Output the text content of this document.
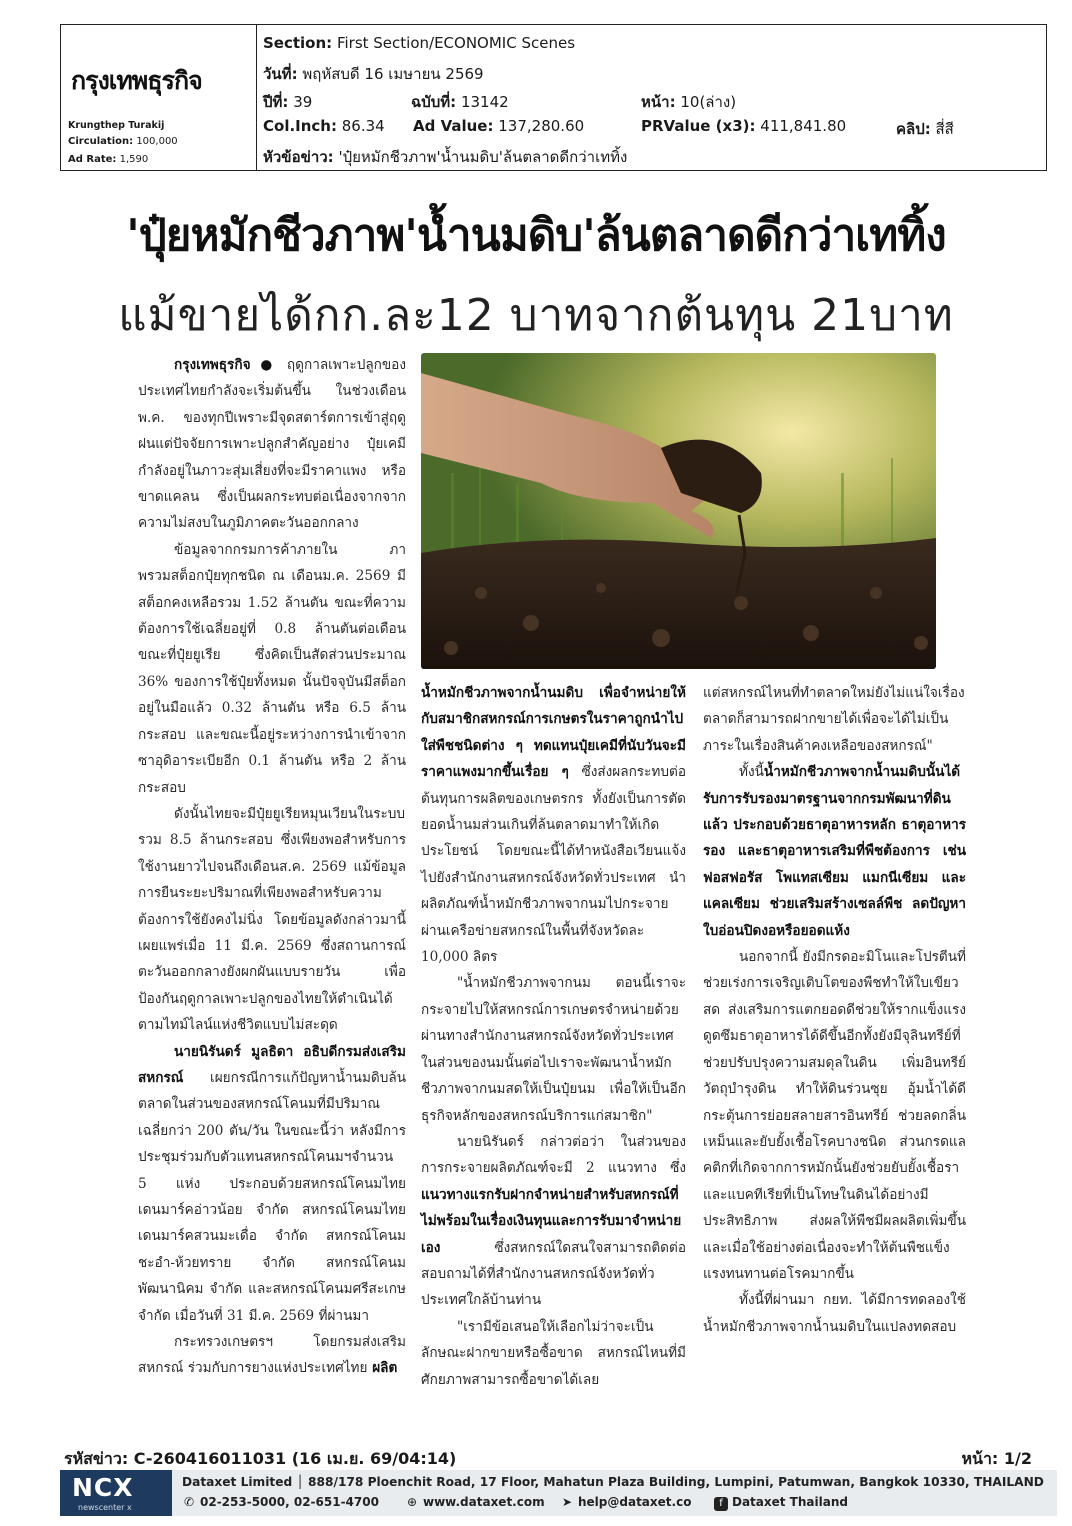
กรุงเทพธุรกิจ
Krungthep Turakij
Circulation: 100,000
Ad Rate: 1,590
Section: First Section/ECONOMIC Scenes
วันที่: พฤหัสบดี 16 เมษายน 2569
ปีที่: 39	ฉบับที่: 13142	หน้า: 10(ล่าง)
Col.Inch: 86.34 Ad Value: 137,280.60	PRValue (x3): 411,841.80	คลิป: สี่สี
หัวข้อข่าว: 'ปุ๋ยหมักชีวภาพ'น้ำนมดิบ'ล้นตลาดดีกว่าเททิ้ง
'ปุ๋ยหมักชีวภาพ'น้ำนมดิบ'ล้นตลาดดีกว่าเททิ้ง
แม้ขายได้กก.ละ12 บาทจากต้นทุน 21บาท

กรุงเทพธุรกิจ ● ฤดูกาลเพาะปลูกของประเทศไทยกำลังจะเริ่มต้นขึ้น ในช่วงเดือน พ.ค. ของทุกปีเพราะมีจุดสตาร์ตการเข้าสู่ฤดูฝนแต่ปัจจัยการเพาะปลูกสำคัญอย่าง ปุ๋ยเคมี กำลังอยู่ในภาวะสุ่มเสี่ยงที่จะมีราคาแพง หรือ ขาดแคลน ซึ่งเป็นผลกระทบต่อเนื่องจากจากความไม่สงบในภูมิภาคตะวันออกกลาง

ข้อมูลจากกรมการค้าภายใน ภาพรวมสต็อกปุ๋ยทุกชนิด ณ เดือนม.ค. 2569 มีสต็อกคงเหลือรวม 1.52 ล้านตัน ขณะที่ความต้องการใช้เฉลี่ยอยู่ที่ 0.8 ล้านตันต่อเดือน ขณะที่ปุ๋ยยูเรีย ซึ่งคิดเป็นสัดส่วนประมาณ 36% ของการใช้ปุ๋ยทั้งหมด นั้นปัจจุบันมีสต็อกอยู่ในมือแล้ว 0.32 ล้านตัน หรือ 6.5 ล้านกระสอบ และขณะนี้อยู่ระหว่างการนำเข้าจากซาอุดิอาระเบียอีก 0.1 ล้านตัน หรือ 2 ล้านกระสอบ

ดังนั้นไทยจะมีปุ๋ยยูเรียหมุนเวียนในระบบรวม 8.5 ล้านกระสอบ ซึ่งเพียงพอสำหรับการใช้งานยาวไปจนถึงเดือนส.ค. 2569 แม้ข้อมูลการยืนระยะปริมาณที่เพียงพอสำหรับความต้องการใช้ยังคงไม่นิ่ง โดยข้อมูลดังกล่าวมานี้ เผยแพร่เมื่อ 11 มี.ค. 2569 ซึ่งสถานการณ์ตะวันออกกลางยังผกผันแบบรายวัน เพื่อป้องกันฤดูกาลเพาะปลูกของไทยให้ดำเนินได้ตามไทม์ไลน์แห่งชีวิตแบบไม่สะดุด

นายนิรันดร์ มูลธิดา อธิบดีกรมส่งเสริมสหกรณ์ เผยกรณีการแก้ปัญหาน้ำนมดิบล้นตลาดในส่วนของสหกรณ์โคนมที่มีปริมาณเฉลี่ยกว่า 200 ตัน/วัน ในขณะนี้ว่า หลังมีการประชุมร่วมกับตัวแทนสหกรณ์โคนมฯจำนวน 5 แห่ง ประกอบด้วยสหกรณ์โคนมไทยเดนมาร์คอ่าวน้อย จำกัด สหกรณ์โคนมไทยเดนมาร์คสวนมะเดื่อ จำกัด สหกรณ์โคนมชะอำ-ห้วยทราย จำกัด สหกรณ์โคนมพัฒนานิคม จำกัด และสหกรณ์โคนมศรีสะเกษ จำกัด เมื่อวันที่ 31 มี.ค. 2569 ที่ผ่านมา

กระทรวงเกษตรฯ โดยกรมส่งเสริมสหกรณ์ ร่วมกับการยางแห่งประเทศไทย ผลิต

น้ำหมักชีวภาพจากน้ำนมดิบ เพื่อจำหน่ายให้กับสมาชิกสหกรณ์การเกษตรในราคาถูกนำไปใส่พืชชนิดต่าง ๆ ทดแทนปุ๋ยเคมีที่นับวันจะมีราคาแพงมากขึ้นเรื่อย ๆ ซึ่งส่งผลกระทบต่อต้นทุนการผลิตของเกษตรกร ทั้งยังเป็นการตัดยอดน้ำนมส่วนเกินที่ล้นตลาดมาทำให้เกิดประโยชน์ โดยขณะนี้ได้ทำหนังสือเวียนแจ้งไปยังสำนักงานสหกรณ์จังหวัดทั่วประเทศ นำผลิตภัณฑ์น้ำหมักชีวภาพจากนมไปกระจายผ่านเครือข่ายสหกรณ์ในพื้นที่จังหวัดละ 10,000 ลิตร

"น้ำหมักชีวภาพจากนม ตอนนี้เราจะกระจายไปให้สหกรณ์การเกษตรจำหน่ายด้วย ผ่านทางสำนักงานสหกรณ์จังหวัดทั่วประเทศ ในส่วนของนมนั้นต่อไปเราจะพัฒนาน้ำหมักชีวภาพจากนมสดให้เป็นปุ๋ยนม เพื่อให้เป็นอีกธุรกิจหลักของสหกรณ์บริการแก่สมาชิก"

นายนิรันดร์ กล่าวต่อว่า ในส่วนของการกระจายผลิตภัณฑ์จะมี 2 แนวทาง ซึ่งแนวทางแรกรับฝากจำหน่ายสำหรับสหกรณ์ที่ไม่พร้อมในเรื่องเงินทุนและการรับมาจำหน่ายเอง ซึ่งสหกรณ์ใดสนใจสามารถติดต่อสอบถามได้ที่สำนักงานสหกรณ์จังหวัดทั่วประเทศใกล้บ้านท่าน

"เรามีข้อเสนอให้เลือกไม่ว่าจะเป็นลักษณะฝากขายหรือซื้อขาด สหกรณ์ไหนที่มีศักยภาพสามารถซื้อขาดได้เลย

แต่สหกรณ์ไหนที่ทำตลาดใหม่ยังไม่แน่ใจเรื่องตลาดก็สามารถฝากขายได้เพื่อจะได้ไม่เป็นภาระในเรื่องสินค้าคงเหลือของสหกรณ์"

ทั้งนี้น้ำหมักชีวภาพจากน้ำนมดิบนั้นได้รับการรับรองมาตรฐานจากกรมพัฒนาที่ดินแล้ว ประกอบด้วยธาตุอาหารหลัก ธาตุอาหารรอง และธาตุอาหารเสริมที่พืชต้องการ เช่น ฟอสฟอรัส โพแทสเซียม แมกนีเซียม และแคลเซียม ช่วยเสริมสร้างเซลล์พืช ลดปัญหาใบอ่อนปิดงอหรือยอดแห้ง

นอกจากนี้ ยังมีกรดอะมิโนและโปรตีนที่ช่วยเร่งการเจริญเติบโตของพืชทำให้ใบเขียวสด ส่งเสริมการแตกยอดดีช่วยให้รากแข็งแรง ดูดซึมธาตุอาหารได้ดีขึ้นอีกทั้งยังมีจุลินทรีย์ที่ช่วยปรับปรุงความสมดุลในดิน เพิ่มอินทรีย์วัตถุบำรุงดิน ทำให้ดินร่วนซุย อุ้มน้ำได้ดี กระตุ้นการย่อยสลายสารอินทรีย์ ช่วยลดกลิ่นเหม็นและยับยั้งเชื้อโรคบางชนิด ส่วนกรดแลคติกที่เกิดจากการหมักนั้นยังช่วยยับยั้งเชื้อราและแบคทีเรียที่เป็นโทษในดินได้อย่างมีประสิทธิภาพ ส่งผลให้พืชมีผลผลิตเพิ่มขึ้น และเมื่อใช้อย่างต่อเนื่องจะทำให้ต้นพืชแข็งแรงทนทานต่อโรคมากขึ้น

ทั้งนี้ที่ผ่านมา กยท. ได้มีการทดลองใช้น้ำหมักชีวภาพจากน้ำนมดิบในแปลงทดสอบ

รหัสข่าว: C-260416011031 (16 เม.ย. 69/04:14)	หน้า: 1/2
NCX
newscenter x
Dataxet Limited │ 888/178 Ploenchit Road, 17 Floor, Mahatun Plaza Building, Lumpini, Patumwan, Bangkok 10330, THAILAND
✆ 02-253-5000, 02-651-4700 ⊕ www.dataxet.com ➤ help@dataxet.co	f Dataxet Thailand
